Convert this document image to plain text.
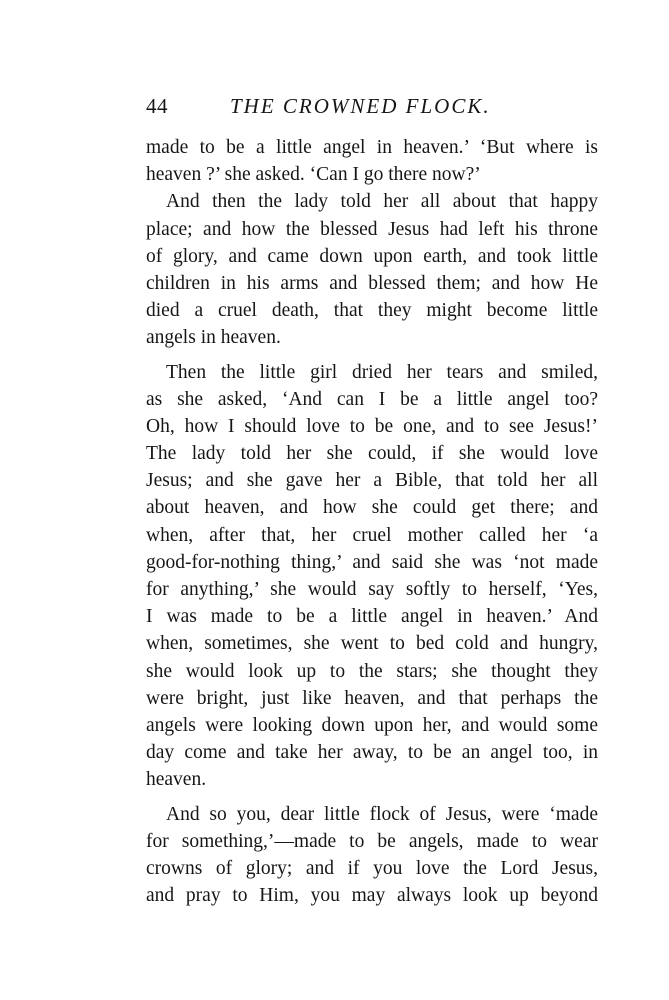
44	THE CROWNED FLOCK.
made to be a little angel in heaven.’ ‘But where is
heaven ?’ she asked. ‘Can I go there now?’
And then the lady told her all about that happy
place; and how the blessed Jesus had left his throne
of glory, and came down upon earth, and took little
children in his arms and blessed them; and how He
died a cruel death, that they might become little
angels in heaven.
Then the little girl dried her tears and smiled,
as she asked, ‘And can I be a little angel too?
Oh, how I should love to be one, and to see Jesus!’
The lady told her she could, if she would love
Jesus; and she gave her a Bible, that told her all
about heaven, and how she could get there; and
when, after that, her cruel mother called her ‘a
good-for-nothing thing,’ and said she was ‘not made
for anything,’ she would say softly to herself, ‘Yes,
I was made to be a little angel in heaven.’ And
when, sometimes, she went to bed cold and hungry,
she would look up to the stars; she thought they
were bright, just like heaven, and that perhaps the
angels were looking down upon her, and would some
day come and take her away, to be an angel too, in
heaven.
And so you, dear little flock of Jesus, were ‘made
for something,’—made to be angels, made to wear
crowns of glory; and if you love the Lord Jesus,
and pray to Him, you may always look up beyond
